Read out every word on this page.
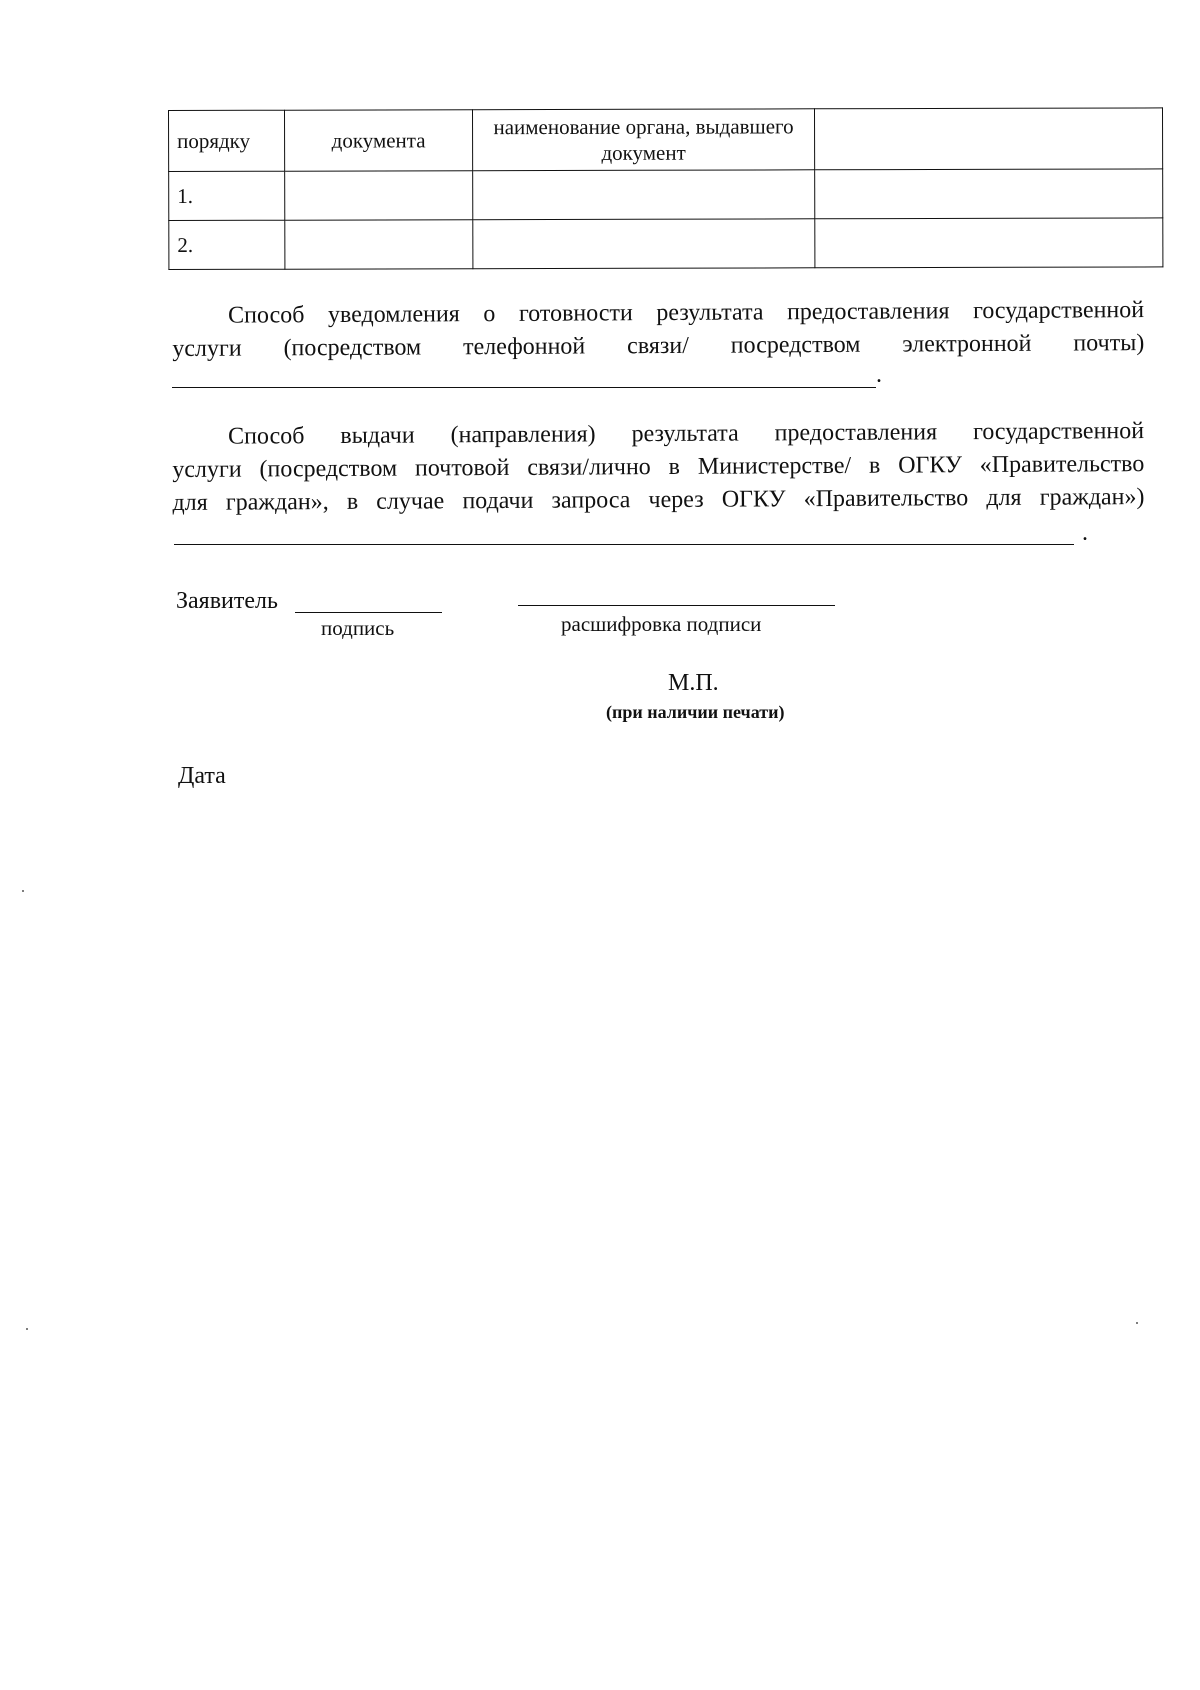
порядку	документа	наименование органа, выдавшего документ	
1.			
2.			
Способ уведомления о готовности результата предоставления государственной
услуги (посредством телефонной связи/ посредством электронной почты)
.
Способ выдачи (направления) результата предоставления государственной
услуги (посредством почтовой связи/лично в Министерстве/ в ОГКУ «Правительство
для граждан», в случае подачи запроса через ОГКУ «Правительство для граждан»)
.
Заявитель
подпись	расшифровка подписи
М.П.
(при наличии печати)
Дата
